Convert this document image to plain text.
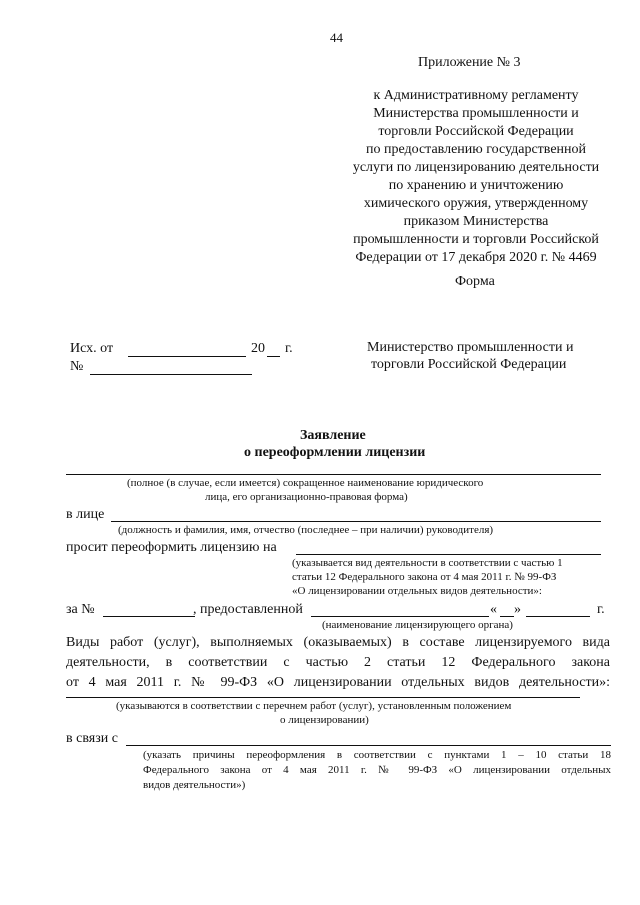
44
Приложение № 3
к Административному регламенту
Министерства промышленности и
торговли Российской Федерации
по предоставлению государственной
услуги по лицензированию деятельности
по хранению и уничтожению
химического оружия, утвержденному
приказом Министерства
промышленности и торговли Российской
Федерации от 17 декабря 2020 г. № 4469
Форма
Исх. от	20 г.
№
Министерство промышленности и
торговли Российской Федерации
Заявление
о переоформлении лицензии
(полное (в случае, если имеется) сокращенное наименование юридического
лица, его организационно-правовая форма)
в лице
(должность и фамилия, имя, отчество (последнее – при наличии) руководителя)
просит переоформить лицензию на
(указывается вид деятельности в соответствии с частью 1
статьи 12 Федерального закона от 4 мая 2011 г. № 99-ФЗ
«О лицензировании отдельных видов деятельности»:
за №	, предоставленной	« »	г.
(наименование лицензирующего органа)
Виды работ (услуг), выполняемых (оказываемых) в составе лицензируемого вида
деятельности, в соответствии с частью 2 статьи 12 Федерального закона
от 4 мая 2011 г. № 99-ФЗ «О лицензировании отдельных видов деятельности»:
(указываются в соответствии с перечнем работ (услуг), установленным положением
о лицензировании)
в связи с
(указать причины переоформления в соответствии с пунктами 1 – 10 статьи 18
Федерального закона от 4 мая 2011 г. № 99-ФЗ «О лицензировании отдельных
видов деятельности»)
